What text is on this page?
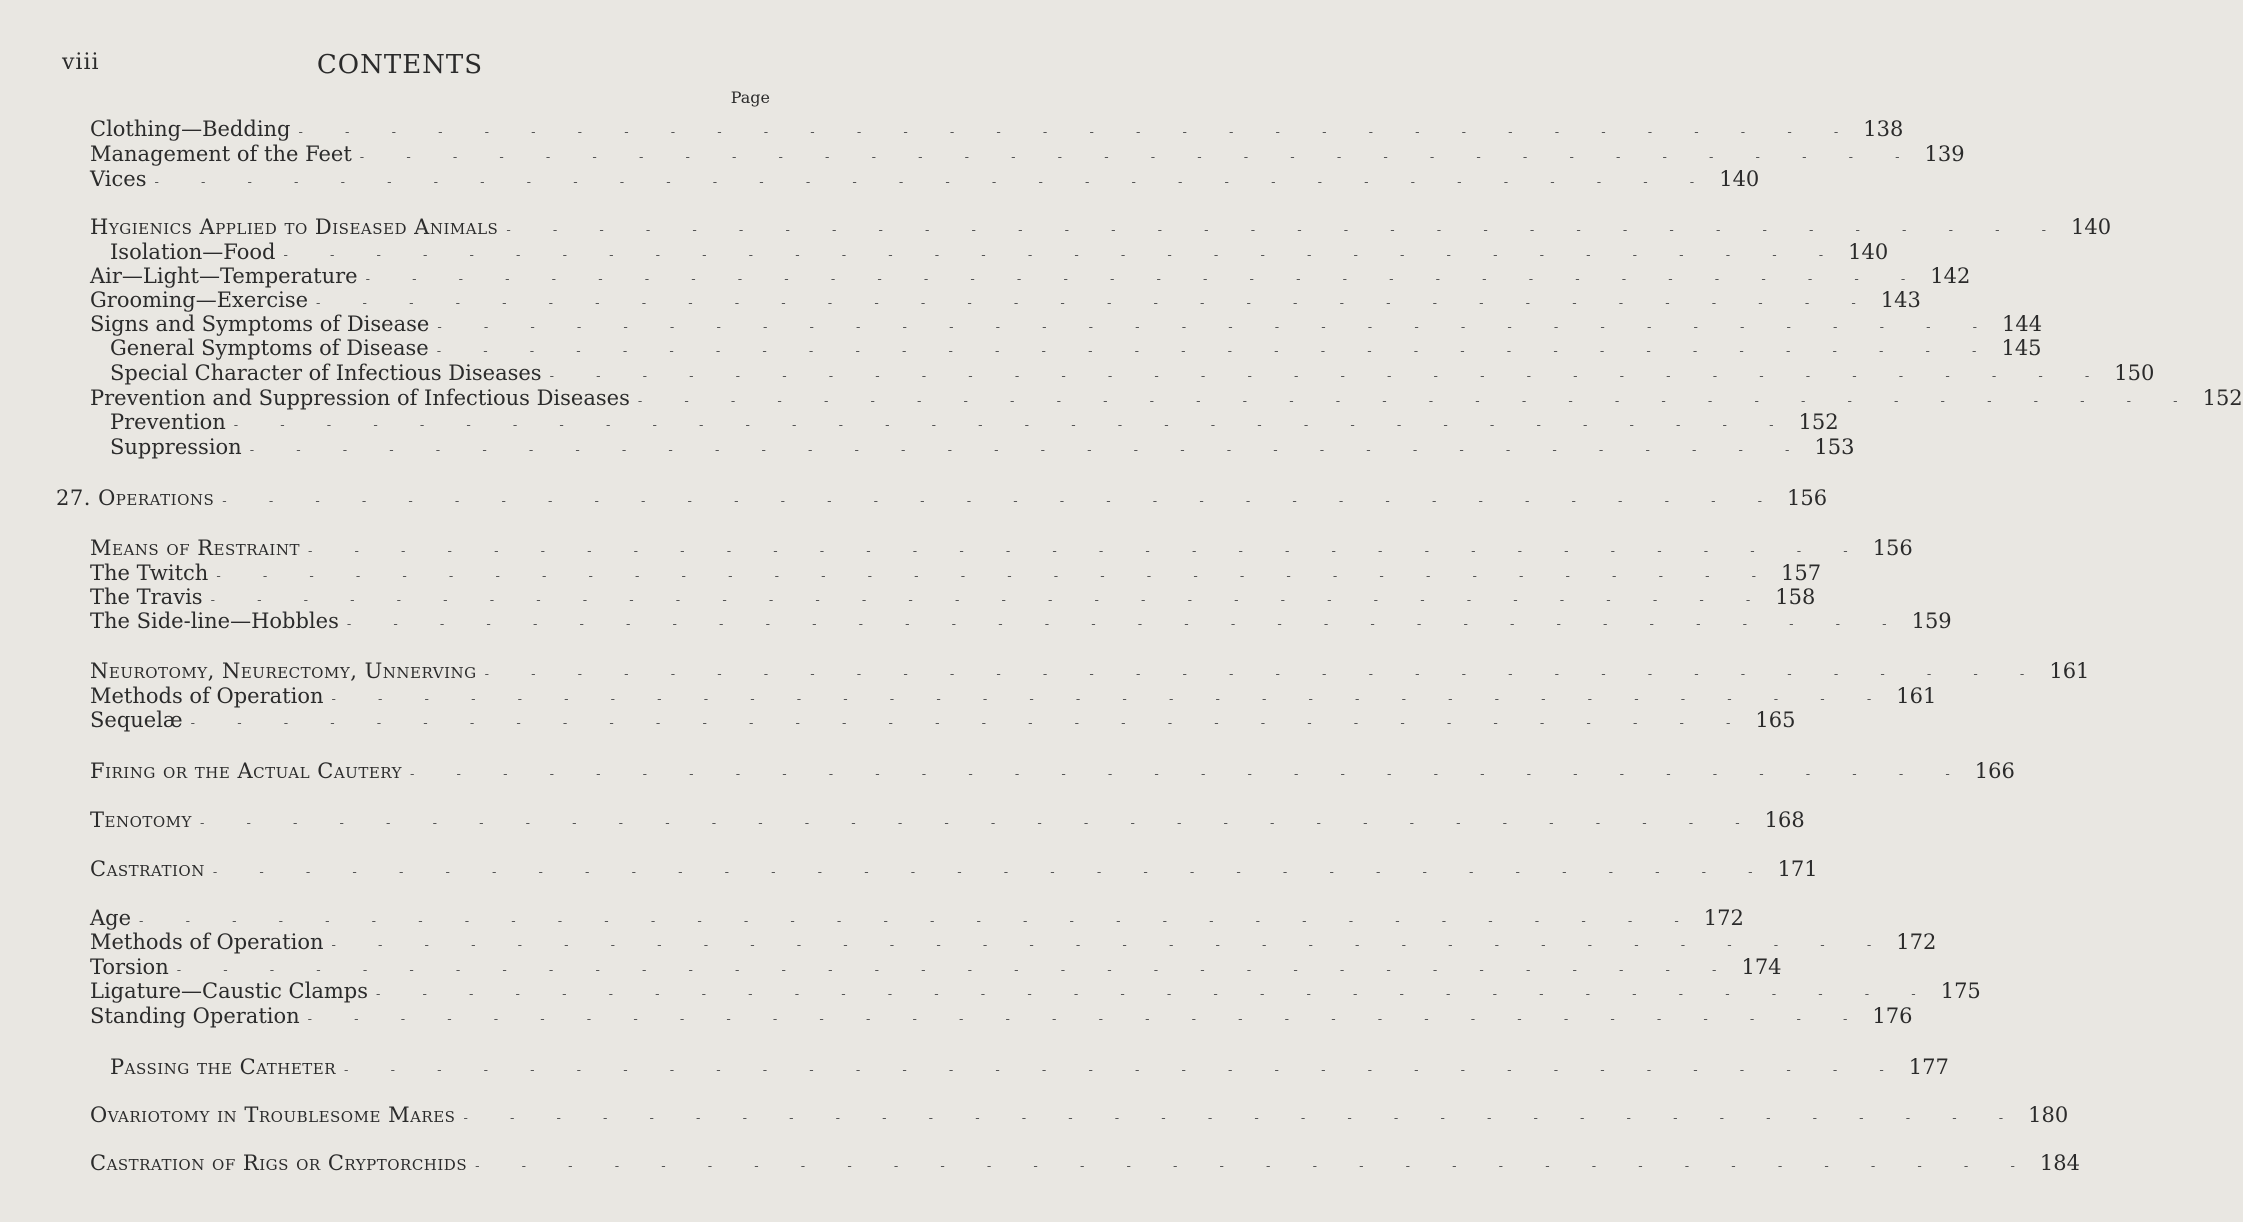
viii	CONTENTS
Page
Clothing—Bedding - - - - - - - - - - - - - - - - - - - - - - - - - - - - - - - - - - 138
Management of the Feet - - - - - - - - - - - - - - - - - - - - - - - - - - - - - - - - - - 139
Vices - - - - - - - - - - - - - - - - - - - - - - - - - - - - - - - - - - 140
Hygienics Applied to Diseased Animals - - - - - - - - - - - - - - - - - - - - - - - - - - - - - - - - - - 140
Isolation—Food - - - - - - - - - - - - - - - - - - - - - - - - - - - - - - - - - - 140
Air—Light—Temperature - - - - - - - - - - - - - - - - - - - - - - - - - - - - - - - - - - 142
Grooming—Exercise - - - - - - - - - - - - - - - - - - - - - - - - - - - - - - - - - - 143
Signs and Symptoms of Disease - - - - - - - - - - - - - - - - - - - - - - - - - - - - - - - - - - 144
General Symptoms of Disease - - - - - - - - - - - - - - - - - - - - - - - - - - - - - - - - - - 145
Special Character of Infectious Diseases - - - - - - - - - - - - - - - - - - - - - - - - - - - - - - - - - - 150
Prevention and Suppression of Infectious Diseases - - - - - - - - - - - - - - - - - - - - - - - - - - - - - - - - - - 152
Prevention - - - - - - - - - - - - - - - - - - - - - - - - - - - - - - - - - - 152
Suppression - - - - - - - - - - - - - - - - - - - - - - - - - - - - - - - - - - 153
27. Operations - - - - - - - - - - - - - - - - - - - - - - - - - - - - - - - - - - 156
Means of Restraint - - - - - - - - - - - - - - - - - - - - - - - - - - - - - - - - - - 156
The Twitch - - - - - - - - - - - - - - - - - - - - - - - - - - - - - - - - - - 157
The Travis - - - - - - - - - - - - - - - - - - - - - - - - - - - - - - - - - - 158
The Side-line—Hobbles - - - - - - - - - - - - - - - - - - - - - - - - - - - - - - - - - - 159
Neurotomy, Neurectomy, Unnerving - - - - - - - - - - - - - - - - - - - - - - - - - - - - - - - - - - 161
Methods of Operation - - - - - - - - - - - - - - - - - - - - - - - - - - - - - - - - - - 161
Sequelæ - - - - - - - - - - - - - - - - - - - - - - - - - - - - - - - - - - 165
Firing or the Actual Cautery - - - - - - - - - - - - - - - - - - - - - - - - - - - - - - - - - - 166
Tenotomy - - - - - - - - - - - - - - - - - - - - - - - - - - - - - - - - - - 168
Castration - - - - - - - - - - - - - - - - - - - - - - - - - - - - - - - - - - 171
Age - - - - - - - - - - - - - - - - - - - - - - - - - - - - - - - - - - 172
Methods of Operation - - - - - - - - - - - - - - - - - - - - - - - - - - - - - - - - - - 172
Torsion - - - - - - - - - - - - - - - - - - - - - - - - - - - - - - - - - - 174
Ligature—Caustic Clamps - - - - - - - - - - - - - - - - - - - - - - - - - - - - - - - - - - 175
Standing Operation - - - - - - - - - - - - - - - - - - - - - - - - - - - - - - - - - - 176
Passing the Catheter - - - - - - - - - - - - - - - - - - - - - - - - - - - - - - - - - - 177
Ovariotomy in Troublesome Mares - - - - - - - - - - - - - - - - - - - - - - - - - - - - - - - - - - 180
Castration of Rigs or Cryptorchids - - - - - - - - - - - - - - - - - - - - - - - - - - - - - - - - - - 184
